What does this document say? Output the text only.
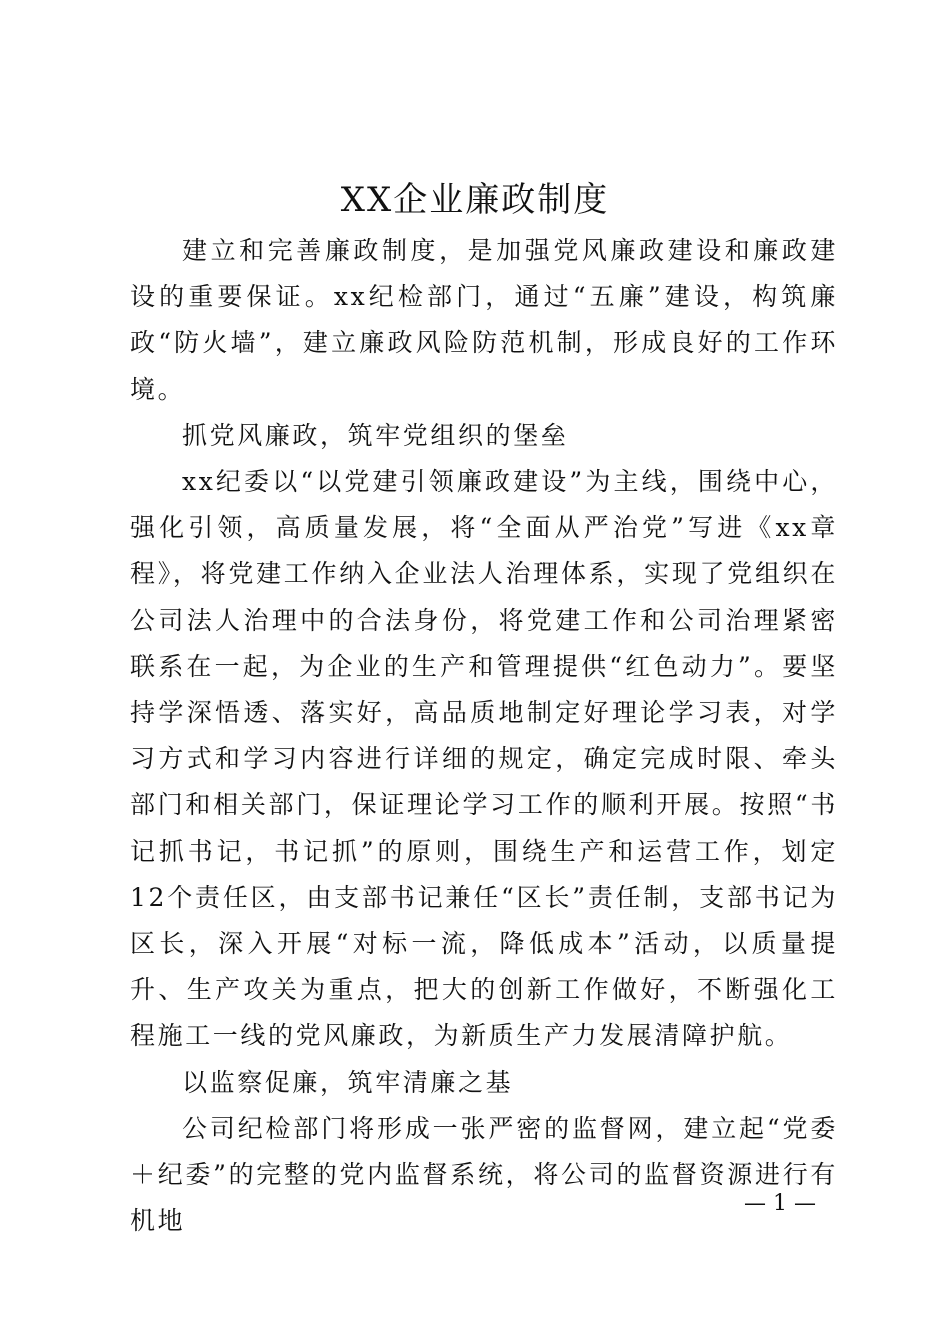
XX企业廉政制度

建立和完善廉政制度，是加强党风廉政建设和廉政建设的重要保证。xx纪检部门，通过“五廉”建设，构筑廉政“防火墙”，建立廉政风险防范机制，形成良好的工作环境。

抓党风廉政，筑牢党组织的堡垒

xx纪委以“以党建引领廉政建设”为主线，围绕中心，强化引领，高质量发展，将“全面从严治党”写进《xx章程》，将党建工作纳入企业法人治理体系，实现了党组织在公司法人治理中的合法身份，将党建工作和公司治理紧密联系在一起，为企业的生产和管理提供“红色动力”。要坚持学深悟透、落实好，高品质地制定好理论学习表，对学习方式和学习内容进行详细的规定，确定完成时限、牵头部门和相关部门，保证理论学习工作的顺利开展。按照“书记抓书记，书记抓”的原则，围绕生产和运营工作，划定12个责任区，由支部书记兼任“区长”责任制，支部书记为区长，深入开展“对标一流，降低成本”活动，以质量提升、生产攻关为重点，把大的创新工作做好，不断强化工程施工一线的党风廉政，为新质生产力发展清障护航。

以监察促廉，筑牢清廉之基

公司纪检部门将形成一张严密的监督网，建立起“党委＋纪委”的完整的党内监督系统，将公司的监督资源进行有机地

— 1 —
